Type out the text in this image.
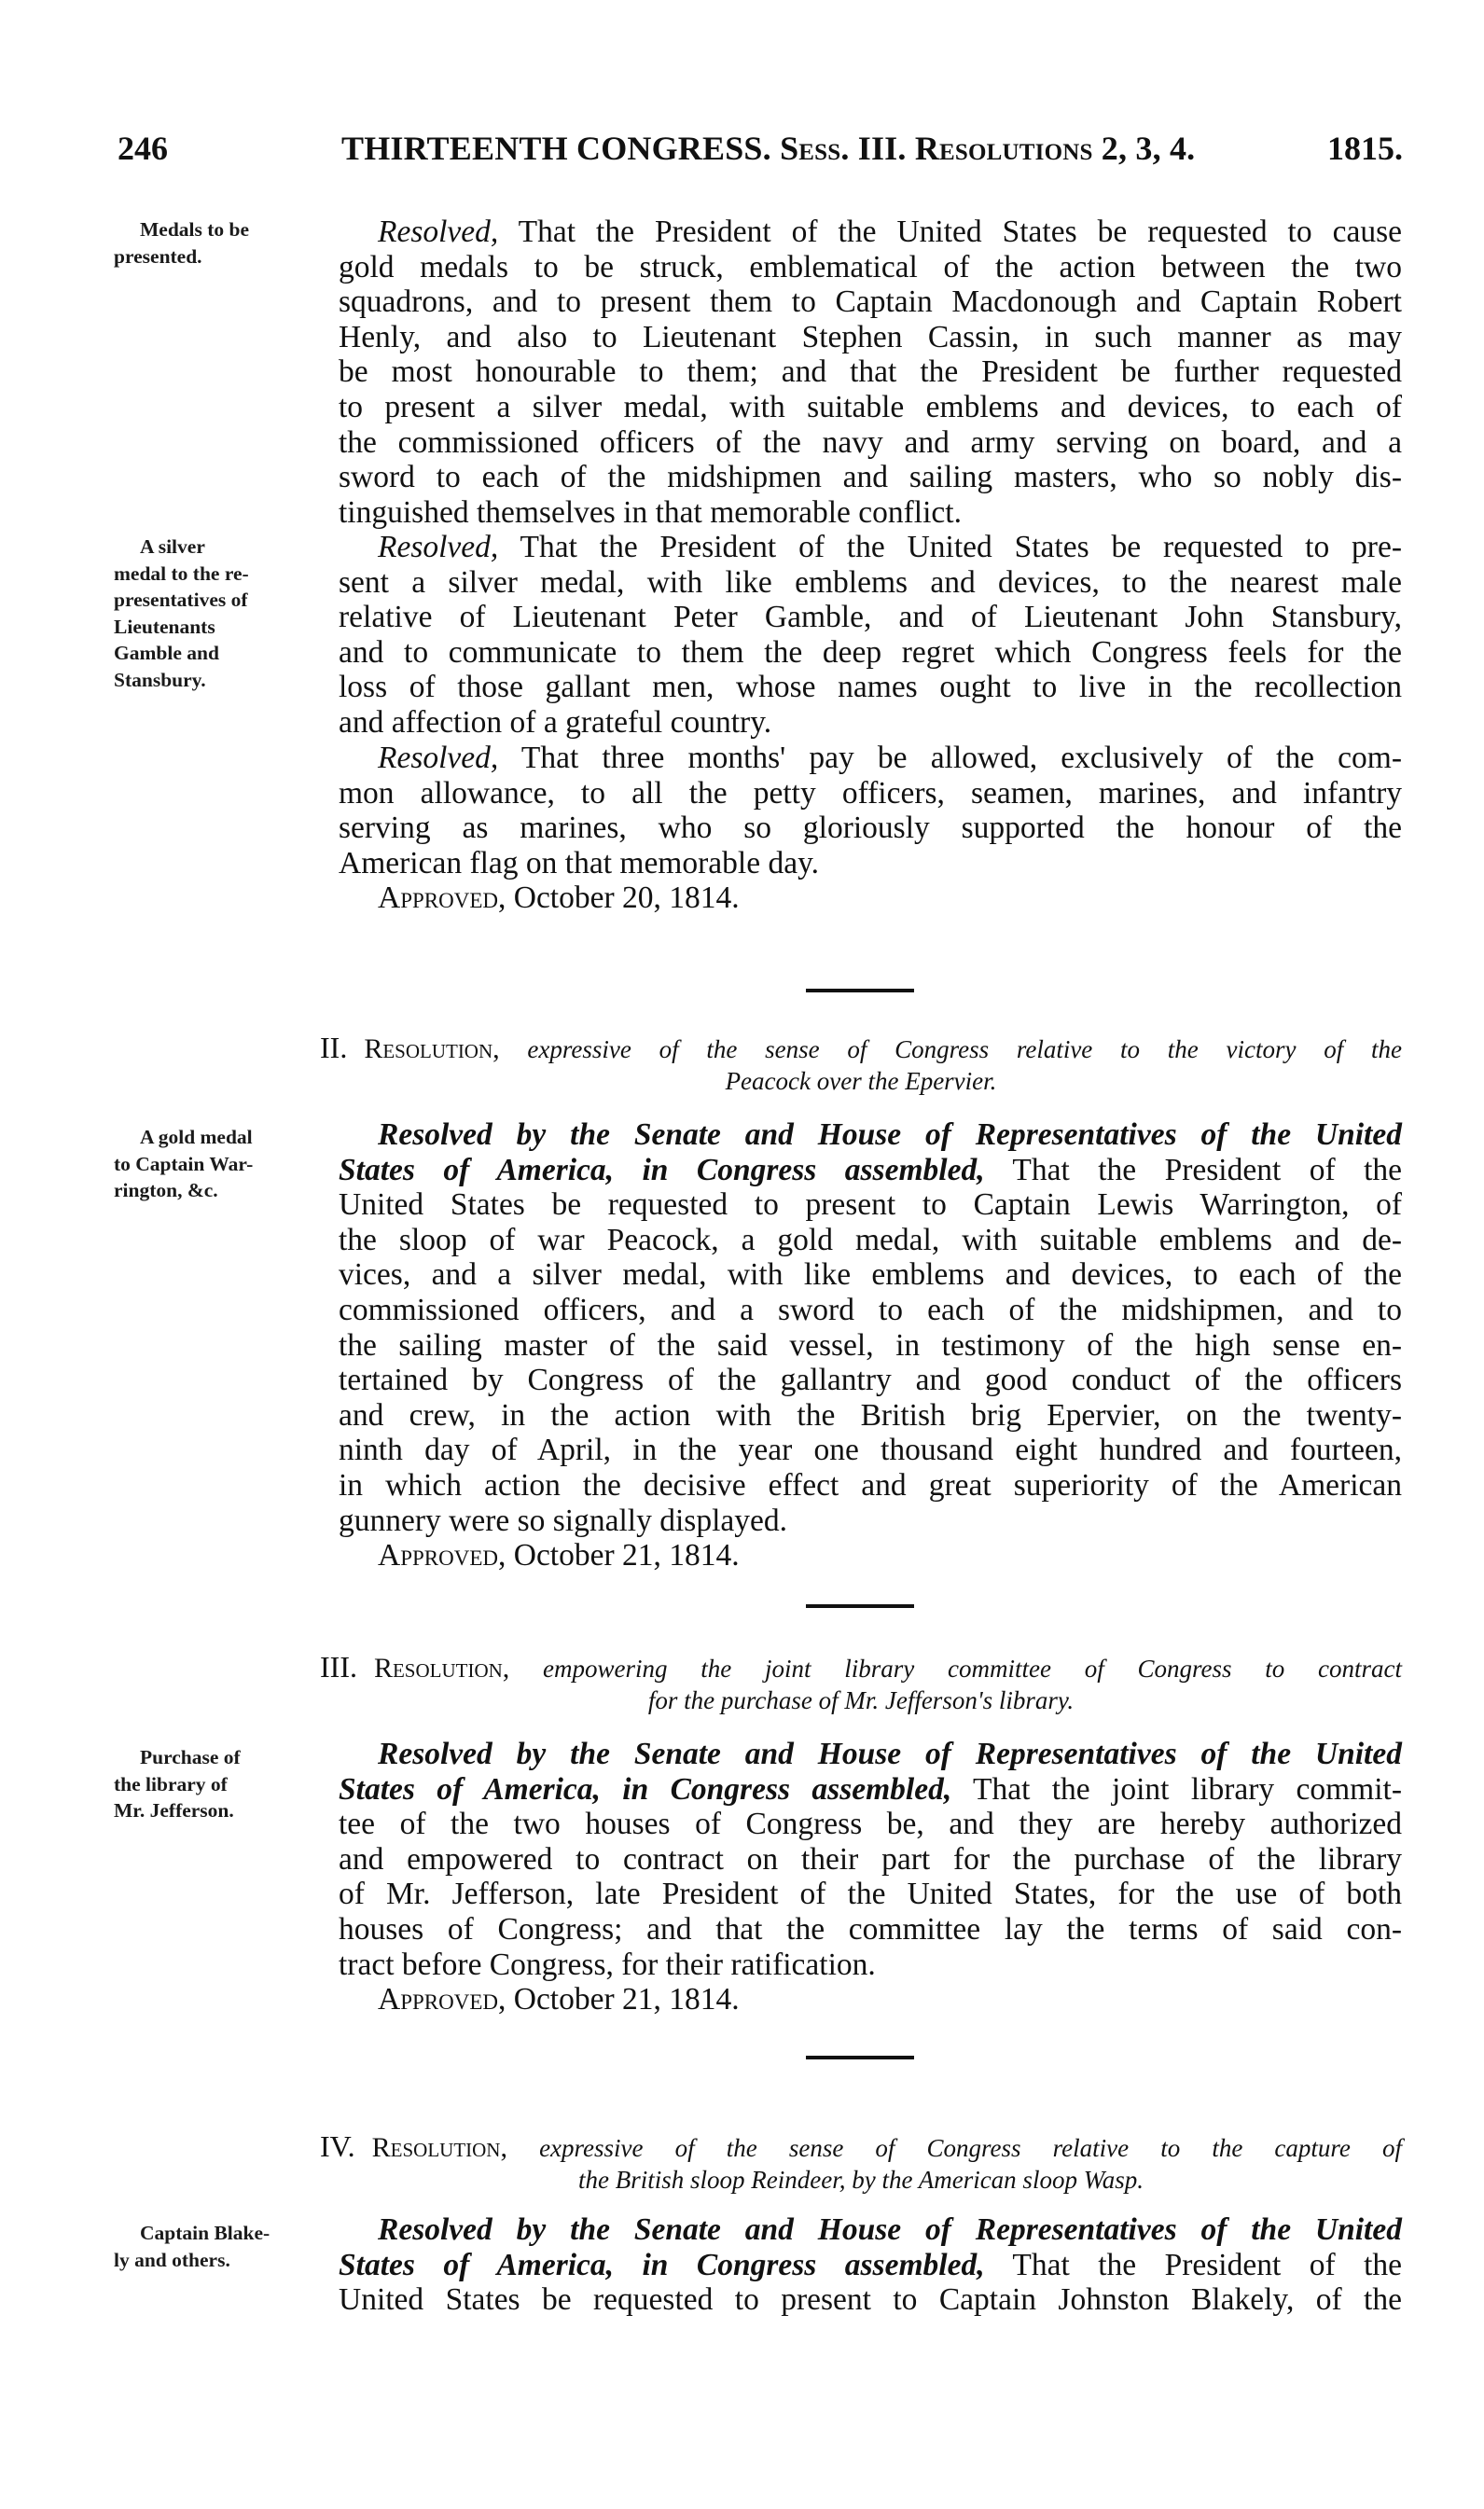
246	THIRTEENTH CONGRESS. Sess. III. Resolutions 2, 3, 4.	1815.
Medals to be
presented.
Resolved, That the President of the United States be requested to cause
gold medals to be struck, emblematical of the action between the two
squadrons, and to present them to Captain Macdonough and Captain Robert
Henly, and also to Lieutenant Stephen Cassin, in such manner as may
be most honourable to them; and that the President be further requested
to present a silver medal, with suitable emblems and devices, to each of
the commissioned officers of the navy and army serving on board, and a
sword to each of the midshipmen and sailing masters, who so nobly dis-
tinguished themselves in that memorable conflict.
A silver
medal to the re-
presentatives of
Lieutenants
Gamble and
Stansbury.
Resolved, That the President of the United States be requested to pre-
sent a silver medal, with like emblems and devices, to the nearest male
relative of Lieutenant Peter Gamble, and of Lieutenant John Stansbury,
and to communicate to them the deep regret which Congress feels for the
loss of those gallant men, whose names ought to live in the recollection
and affection of a grateful country.
Resolved, That three months' pay be allowed, exclusively of the com-
mon allowance, to all the petty officers, seamen, marines, and infantry
serving as marines, who so gloriously supported the honour of the
American flag on that memorable day.
Approved, October 20, 1814.
II. Resolution, expressive of the sense of Congress relative to the victory of the
Peacock over the Epervier.
A gold medal
to Captain War-
rington, &c.
Resolved by the Senate and House of Representatives of the United
States of America, in Congress assembled, That the President of the
United States be requested to present to Captain Lewis Warrington, of
the sloop of war Peacock, a gold medal, with suitable emblems and de-
vices, and a silver medal, with like emblems and devices, to each of the
commissioned officers, and a sword to each of the midshipmen, and to
the sailing master of the said vessel, in testimony of the high sense en-
tertained by Congress of the gallantry and good conduct of the officers
and crew, in the action with the British brig Epervier, on the twenty-
ninth day of April, in the year one thousand eight hundred and fourteen,
in which action the decisive effect and great superiority of the American
gunnery were so signally displayed.
Approved, October 21, 1814.
III. Resolution, empowering the joint library committee of Congress to contract
for the purchase of Mr. Jefferson's library.
Purchase of
the library of
Mr. Jefferson.
Resolved by the Senate and House of Representatives of the United
States of America, in Congress assembled, That the joint library commit-
tee of the two houses of Congress be, and they are hereby authorized
and empowered to contract on their part for the purchase of the library
of Mr. Jefferson, late President of the United States, for the use of both
houses of Congress; and that the committee lay the terms of said con-
tract before Congress, for their ratification.
Approved, October 21, 1814.
IV. Resolution, expressive of the sense of Congress relative to the capture of
the British sloop Reindeer, by the American sloop Wasp.
Captain Blake-
ly and others.
Resolved by the Senate and House of Representatives of the United
States of America, in Congress assembled, That the President of the
United States be requested to present to Captain Johnston Blakely, of the
